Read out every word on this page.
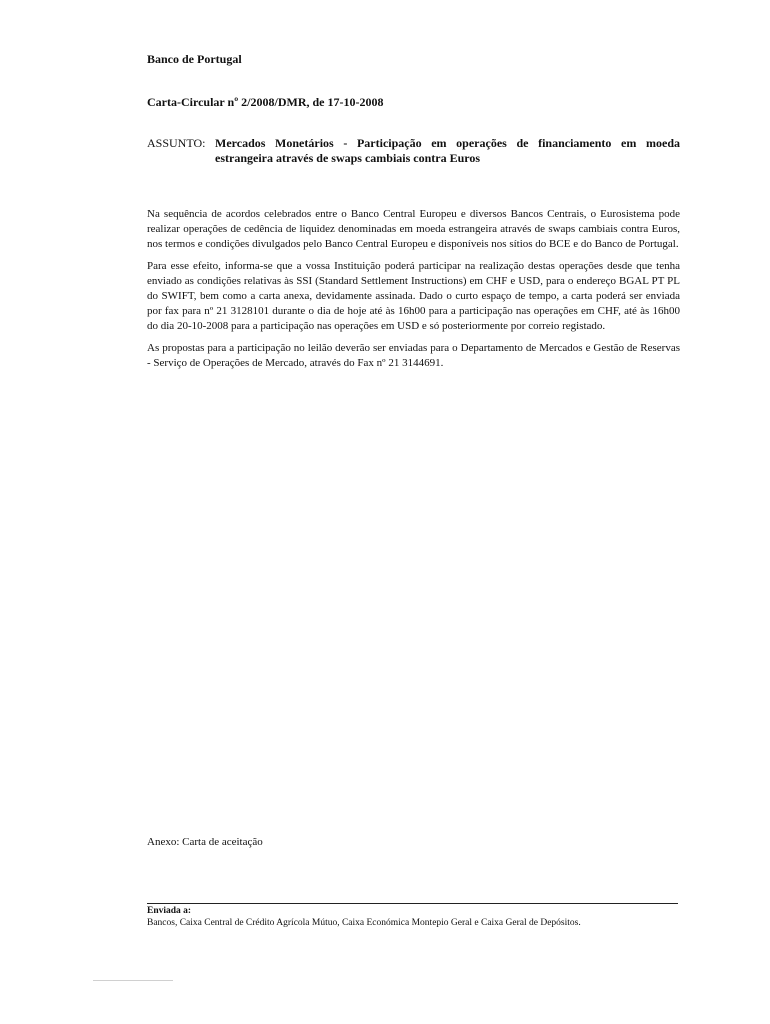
Banco de Portugal
Carta-Circular nº 2/2008/DMR, de 17-10-2008
ASSUNTO: Mercados Monetários - Participação em operações de financiamento em moeda estrangeira através de swaps cambiais contra Euros

Na sequência de acordos celebrados entre o Banco Central Europeu e diversos Bancos Centrais, o Eurosistema pode realizar operações de cedência de liquidez denominadas em moeda estrangeira através de swaps cambiais contra Euros, nos termos e condições divulgados pelo Banco Central Europeu e disponíveis nos sítios do BCE e do Banco de Portugal.

Para esse efeito, informa-se que a vossa Instituição poderá participar na realização destas operações desde que tenha enviado as condições relativas às SSI (Standard Settlement Instructions) em CHF e USD, para o endereço BGAL PT PL do SWIFT, bem como a carta anexa, devidamente assinada. Dado o curto espaço de tempo, a carta poderá ser enviada por fax para nº 21 3128101 durante o dia de hoje até às 16h00 para a participação nas operações em CHF, até às 16h00 do dia 20-10-2008 para a participação nas operações em USD e só posteriormente por correio registado.

As propostas para a participação no leilão deverão ser enviadas para o Departamento de Mercados e Gestão de Reservas - Serviço de Operações de Mercado, através do Fax nº 21 3144691.

Anexo: Carta de aceitação
Enviada a:
Bancos, Caixa Central de Crédito Agrícola Mútuo, Caixa Económica Montepio Geral e Caixa Geral de Depósitos.
